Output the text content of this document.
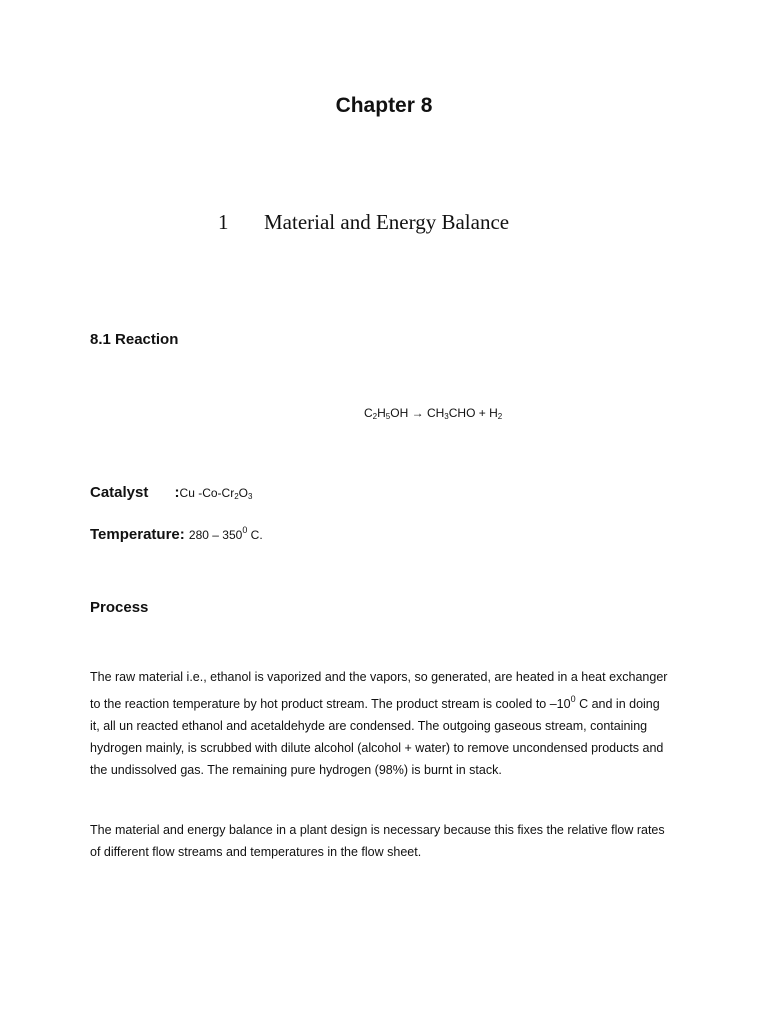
Chapter 8
1 Material and Energy Balance
8.1 Reaction
$C_2H_5OH \to CH_3CHO + H_2$
Catalyst :Cu $-Co-Cr_2O_3$
Temperature: $280 - 350^0$ C.
Process

The raw material i.e., ethanol is vaporized and the vapors, so generated, are heated in a heat exchanger

to the reaction temperature by hot product stream. The product stream is cooled to $-10^0$ C and in doing

it, all un reacted ethanol and acetaldehyde are condensed. The outgoing gaseous stream, containing

hydrogen mainly, is scrubbed with dilute alcohol (alcohol + water) to remove uncondensed products and

the undissolved gas. The remaining pure hydrogen (98%) is burnt in stack.

The material and energy balance in a plant design is necessary because this fixes the relative flow rates

of different flow streams and temperatures in the flow sheet.
